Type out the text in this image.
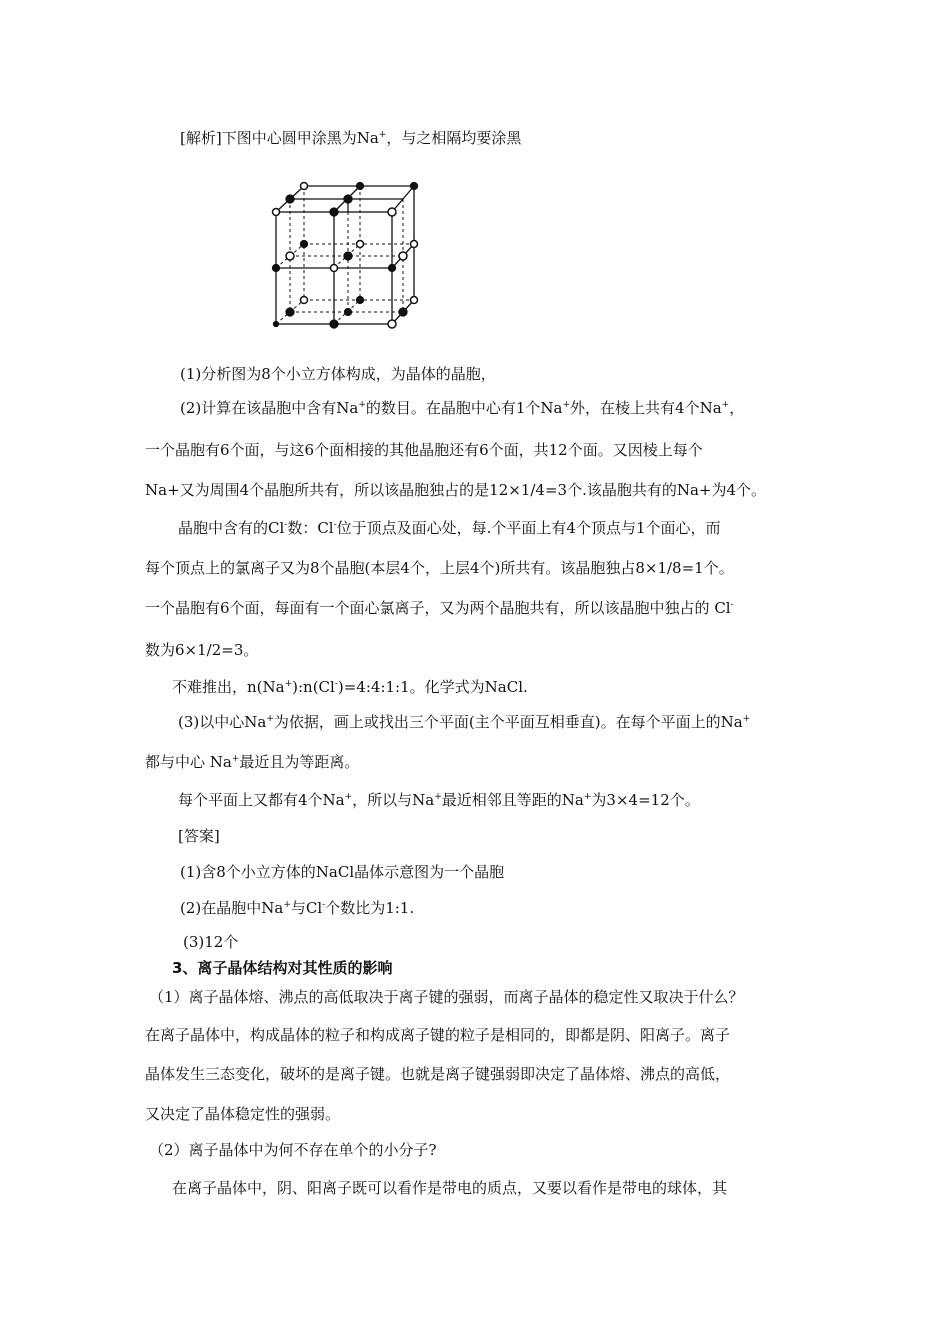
[解析]下图中心圆甲涂黑为Na+，与之相隔均要涂黑
(1)分析图为8个小立方体构成，为晶体的晶胞，
(2)计算在该晶胞中含有Na+的数目。在晶胞中心有1个Na+外，在棱上共有4个Na+，
一个晶胞有6个面，与这6个面相接的其他晶胞还有6个面，共12个面。又因棱上每个
Na+又为周围4个晶胞所共有，所以该晶胞独占的是12×1/4=3个.该晶胞共有的Na+为4个。
晶胞中含有的Cl-数：Cl-位于顶点及面心处，每.个平面上有4个顶点与1个面心，而
每个顶点上的氯离子又为8个晶胞(本层4个，上层4个)所共有。该晶胞独占8×1/8=1个。
一个晶胞有6个面，每面有一个面心氯离子，又为两个晶胞共有，所以该晶胞中独占的 Cl-
数为6×1/2=3。
不难推出，n(Na+):n(Cl-)=4:4:1:1。化学式为NaCl.
(3)以中心Na+为依据，画上或找出三个平面(主个平面互相垂直)。在每个平面上的Na+
都与中心 Na+最近且为等距离。
每个平面上又都有4个Na+，所以与Na+最近相邻且等距的Na+为3×4=12个。
[答案]
(1)含8个小立方体的NaCl晶体示意图为一个晶胞
(2)在晶胞中Na+与Cl-个数比为1:1.
(3)12个
3、离子晶体结构对其性质的影响
（1）离子晶体熔、沸点的高低取决于离子键的强弱，而离子晶体的稳定性又取决于什么？
在离子晶体中，构成晶体的粒子和构成离子键的粒子是相同的，即都是阴、阳离子。离子
晶体发生三态变化，破坏的是离子键。也就是离子键强弱即决定了晶体熔、沸点的高低，
又决定了晶体稳定性的强弱。
（2）离子晶体中为何不存在单个的小分子?
在离子晶体中，阴、阳离子既可以看作是带电的质点，又要以看作是带电的球体，其
